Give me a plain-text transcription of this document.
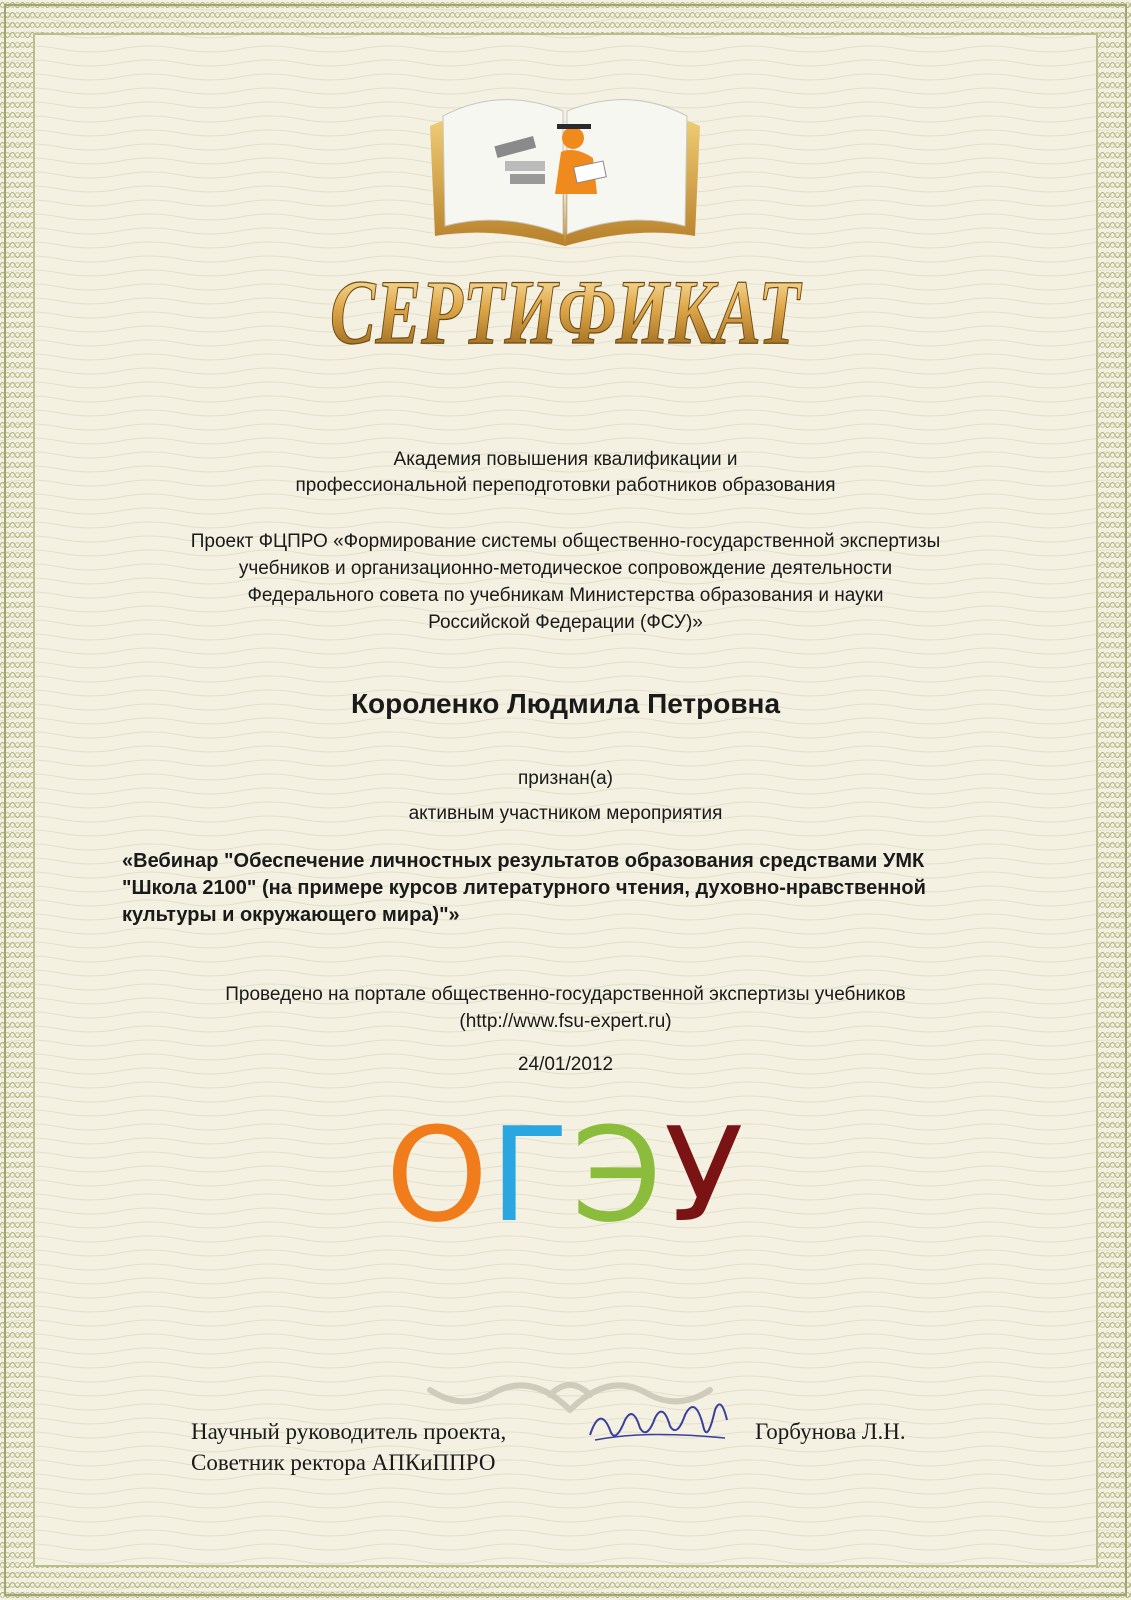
СЕРТИФИКАТ
Академия повышения квалификации и
профессиональной переподготовки работников образования
Проект ФЦПРО «Формирование системы общественно-государственной экспертизы
учебников и организационно-методическое сопровождение деятельности
Федерального совета по учебникам Министерства образования и науки
Российской Федерации (ФСУ)»
Короленко Людмила Петровна
признан(а)
активным участником мероприятия
«Вебинар "Обеспечение личностных результатов образования средствами УМК
"Школа 2100" (на примере курсов литературного чтения, духовно-нравственной
культуры и окружающего мира)"»
Проведено на портале общественно-государственной экспертизы учебников
(http://www.fsu-expert.ru)
24/01/2012
ОГЭУ
Научный руководитель проекта,
Советник ректора АПКиППРО
Горбунова Л.Н.
